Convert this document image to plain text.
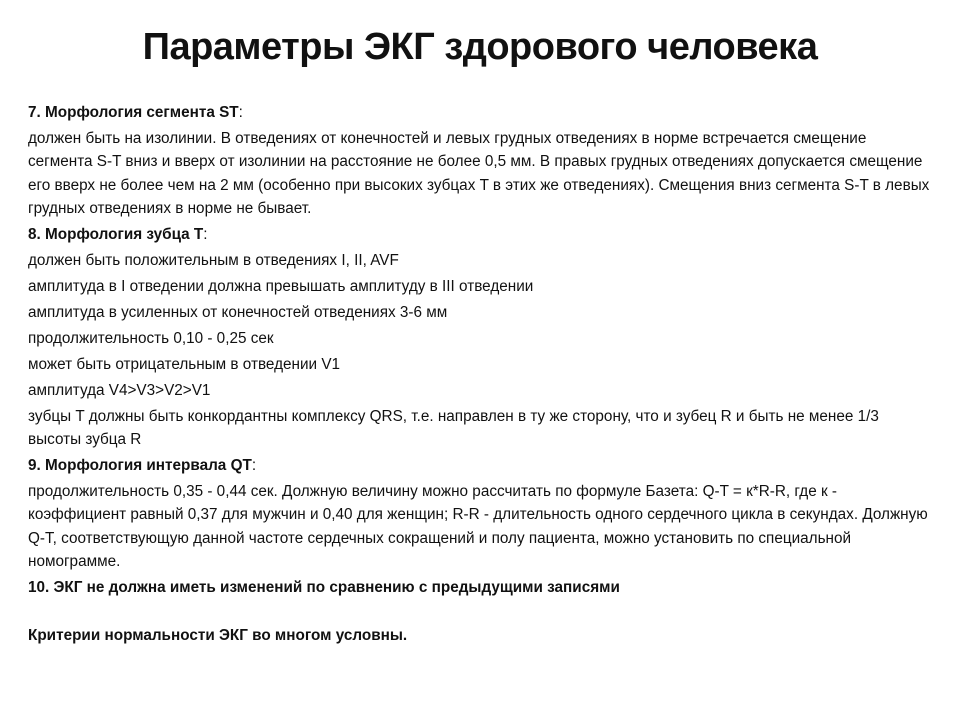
Параметры ЭКГ здорового человека

7. Морфология сегмента ST:

должен быть на изолинии. В отведениях от конечностей и левых грудных отведениях в норме встречается смещение сегмента S-T вниз и вверх от изолинии на расстояние не более 0,5 мм. В правых грудных отведениях допускается смещение его вверх не более чем на 2 мм (особенно при высоких зубцах T в этих же отведениях). Смещения вниз сегмента S-T в левых грудных отведениях в норме не бывает.

8. Морфология зубца T:

должен быть положительным в отведениях I, II, AVF

амплитуда в I отведении должна превышать амплитуду в III отведении

амплитуда в усиленных от конечностей отведениях 3-6 мм

продолжительность 0,10 - 0,25 сек

может быть отрицательным в отведении V1

амплитуда V4>V3>V2>V1

зубцы T должны быть конкордантны комплексу QRS, т.е. направлен в ту же сторону, что и зубец R и быть не менее 1/3 высоты зубца R

9. Морфология интервала QT:

продолжительность 0,35 - 0,44 сек. Должную величину можно рассчитать по формуле Базета: Q-T = к*R-R, где к - коэффициент равный 0,37 для мужчин и 0,40 для женщин; R-R - длительность одного сердечного цикла в секундах. Должную Q-T, соответствующую данной частоте сердечных сокращений и полу пациента, можно установить по специальной номограмме.

10. ЭКГ не должна иметь изменений по сравнению с предыдущими записями

Критерии нормальности ЭКГ во многом условны.
